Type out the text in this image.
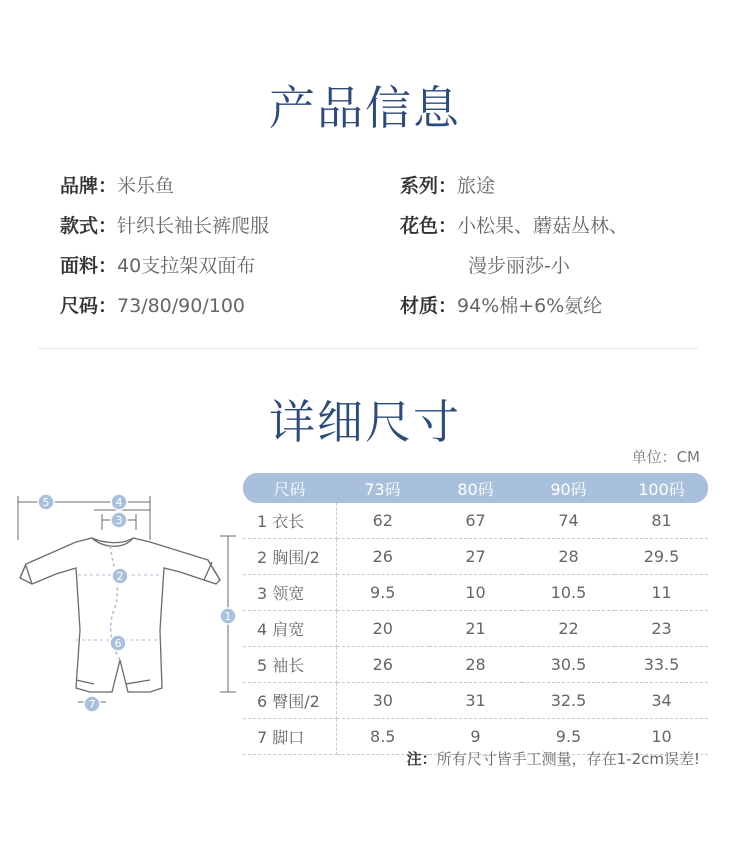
产品信息
品牌：米乐鱼
款式：针织长袖长裤爬服
面料：40支拉架双面布
尺码：73/80/90/100
系列：旅途
花色：小松果、蘑菇丛林、
漫步丽莎-小
材质：94%棉+6%氨纶
详细尺寸
单位：CM
5	4
3
2
6
1
7
尺码	73码	80码	90码	100码
1 衣长	62	67	74	81
2 胸围/2	26	27	28	29.5
3 领宽	9.5	10	10.5	11
4 肩宽	20	21	22	23
5 袖长	26	28	30.5	33.5
6 臀围/2	30	31	32.5	34
7 脚口	8.5	9	9.5	10
注：所有尺寸皆手工测量，存在1-2cm误差!
